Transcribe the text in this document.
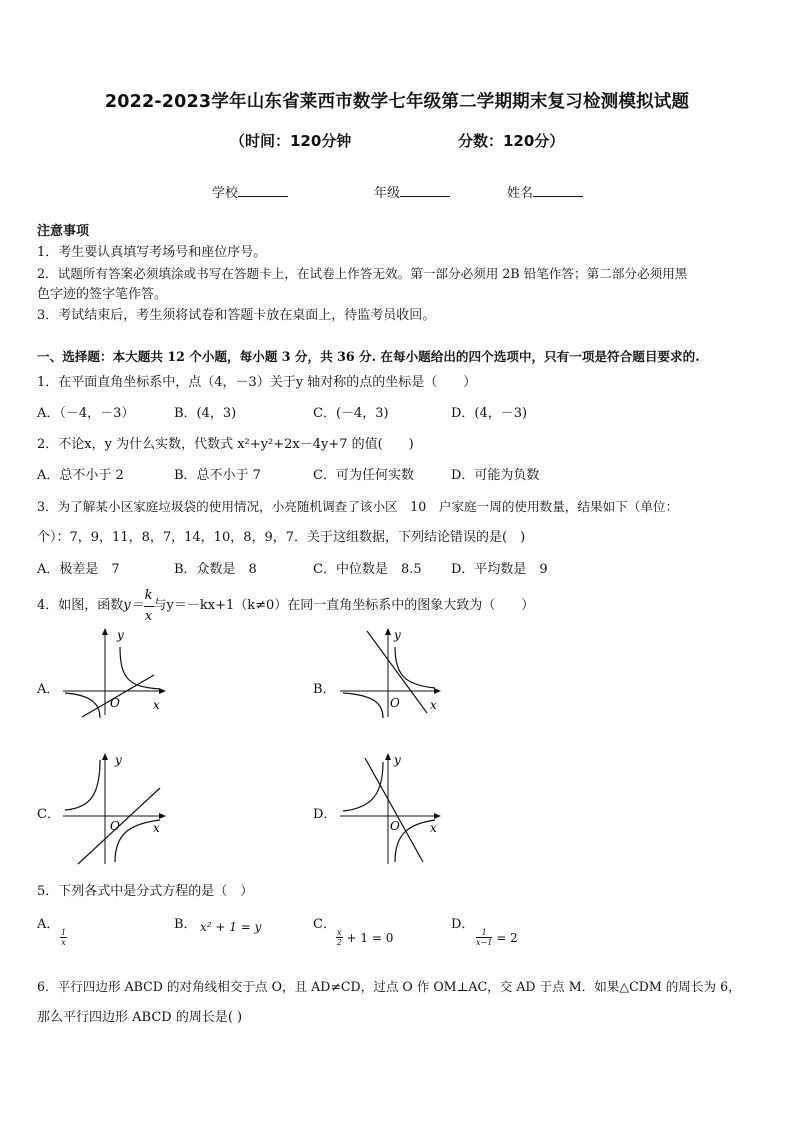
2022-2023学年山东省莱西市数学七年级第二学期期末复习检测模拟试题
（时间：120分钟	分数：120分）
学校	年级	姓名
注意事项
1．考生要认真填写考场号和座位序号。
2．试题所有答案必须填涂或书写在答题卡上，在试卷上作答无效。第一部分必须用 2B 铅笔作答；第二部分必须用黑
色字迹的签字笔作答。
3．考试结束后，考生须将试卷和答题卡放在桌面上，待监考员收回。
一、选择题：本大题共 12 个小题，每小题 3 分，共 36 分. 在每小题给出的四个选项中，只有一项是符合题目要求的.
1．在平面直角坐标系中，点（4，－3）关于y 轴对称的点的坐标是（　　）
A．（－4，－3）	B．(4，3)	C．(－4，3)	D．(4，－3)
2．不论x，y 为什么实数，代数式 x²+y²+2x－4y+7 的值(　　)
A．总不小于 2	B．总不小于 7	C．可为任何实数	D．可能为负数
3．为了解某小区家庭垃圾袋的使用情况，小亮随机调查了该小区　10　户家庭一周的使用数量，结果如下（单位：
个）：7，9，11，8，7，14，10，8，9，7．关于这组数据，下列结论错误的是(　)
A．极差是　7	B．众数是　8	C．中位数是　8.5 D．平均数是　9
4．如图，函数 $y= \frac{k}{x}$ 与y＝－kx+1（k≠0）在同一直角坐标系中的图象大致为（　　）
A．	B．
C．	D．
y
x
O
y
x
O
y
x
O
y
x
O
5．下列各式中是分式方程的是（　）
A．
$\frac{1}{x}$
B． x² + 1 = y	C．
$\frac{x}{2} + 1 = 0$
D．
$\frac{1}{x-1} = 2$
6．平行四边形 ABCD 的对角线相交于点 O，且 AD≠CD，过点 O 作 OM⊥AC，交 AD 于点 M．如果△CDM 的周长为 6，
那么平行四边形 ABCD 的周长是( )
